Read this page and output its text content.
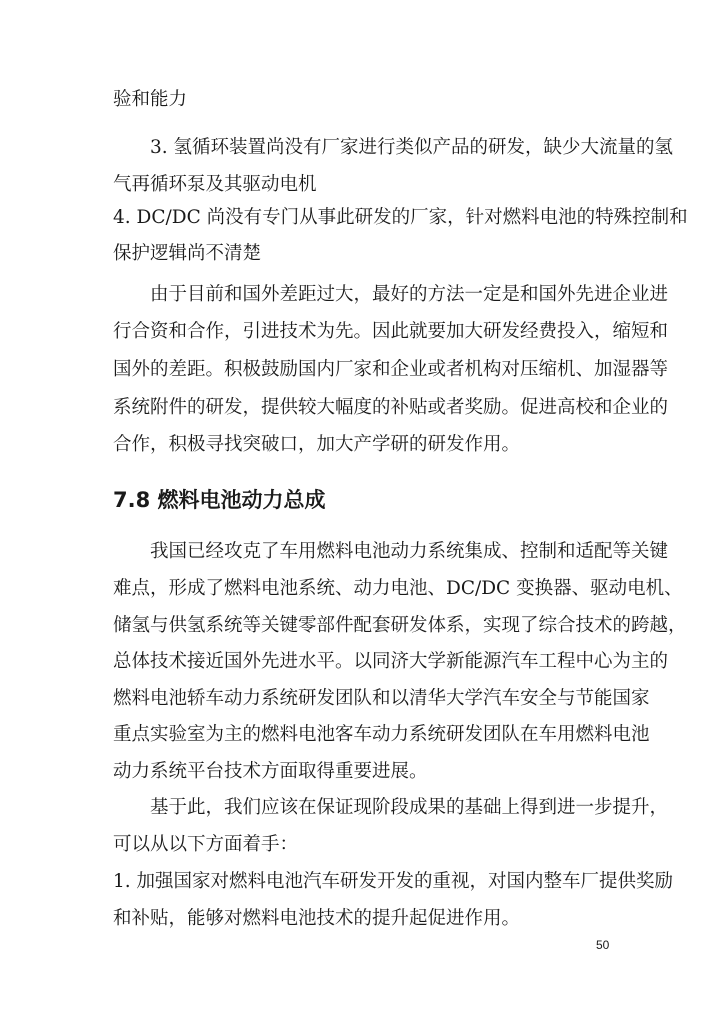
验和能力
3. 氢循环装置尚没有厂家进行类似产品的研发，缺少大流量的氢
气再循环泵及其驱动电机
4. DC/DC 尚没有专门从事此研发的厂家，针对燃料电池的特殊控制和
保护逻辑尚不清楚
由于目前和国外差距过大，最好的方法一定是和国外先进企业进
行合资和合作，引进技术为先。因此就要加大研发经费投入，缩短和
国外的差距。积极鼓励国内厂家和企业或者机构对压缩机、加湿器等
系统附件的研发，提供较大幅度的补贴或者奖励。促进高校和企业的
合作，积极寻找突破口，加大产学研的研发作用。
7.8 燃料电池动力总成
我国已经攻克了车用燃料电池动力系统集成、控制和适配等关键
难点，形成了燃料电池系统、动力电池、DC/DC 变换器、驱动电机、
储氢与供氢系统等关键零部件配套研发体系，实现了综合技术的跨越，
总体技术接近国外先进水平。以同济大学新能源汽车工程中心为主的
燃料电池轿车动力系统研发团队和以清华大学汽车安全与节能国家
重点实验室为主的燃料电池客车动力系统研发团队在车用燃料电池
动力系统平台技术方面取得重要进展。
基于此，我们应该在保证现阶段成果的基础上得到进一步提升，
可以从以下方面着手：
1. 加强国家对燃料电池汽车研发开发的重视，对国内整车厂提供奖励
和补贴，能够对燃料电池技术的提升起促进作用。
50
